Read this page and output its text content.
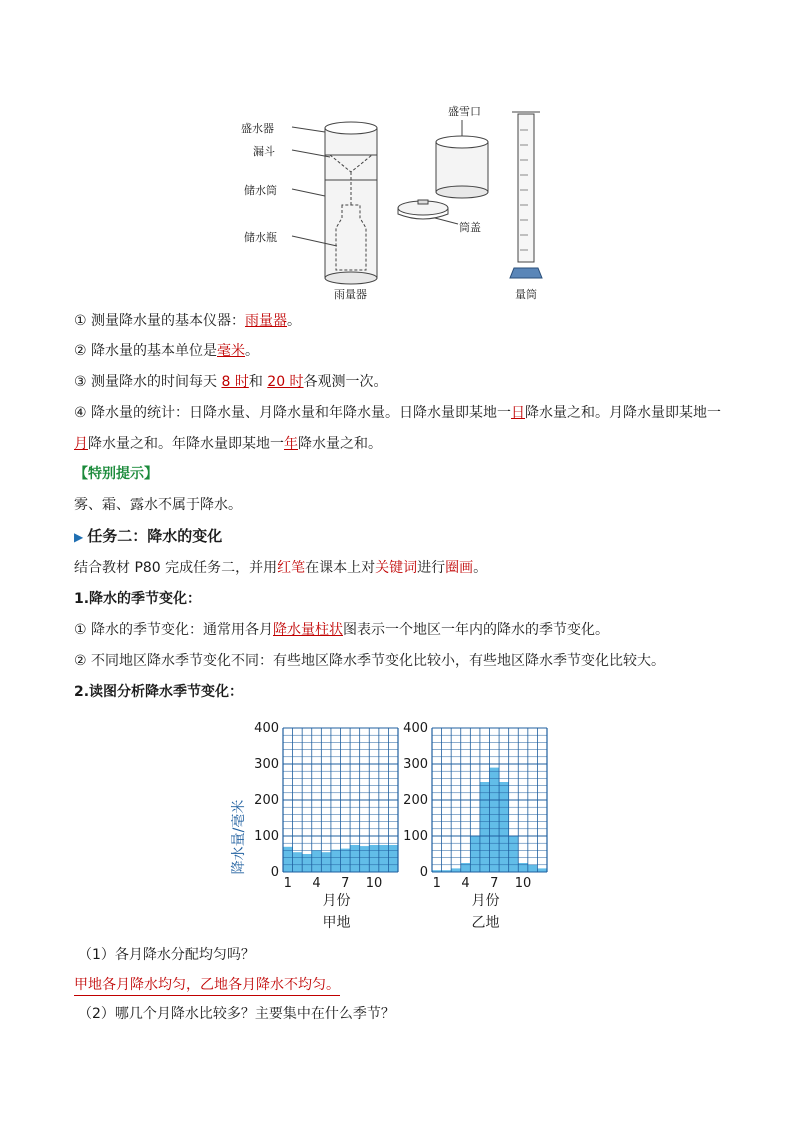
盛水器
漏斗
储水筒
储水瓶
盛雪口
筒盖
雨量器	量筒
① 测量降水量的基本仪器：雨量器。
② 降水量的基本单位是毫米。
③ 测量降水的时间每天 8 时和 20 时各观测一次。
④ 降水量的统计：日降水量、月降水量和年降水量。日降水量即某地一日降水量之和。月降水量即某地一
月降水量之和。年降水量即某地一年降水量之和。
【特别提示】
雾、霜、露水不属于降水。
▶ 任务二：降水的变化
结合教材 P80 完成任务二，并用红笔在课本上对关键词进行圈画。
1.降水的季节变化：
① 降水的季节变化：通常用各月降水量柱状图表示一个地区一年内的降水的季节变化。
② 不同地区降水季节变化不同：有些地区降水季节变化比较小，有些地区降水季节变化比较大。
2.读图分析降水季节变化：
降水量/毫米 0
100
200
300
400
1 4 7 10
月份
甲地
0
100
200
300
400
1 4 7 10
月份
乙地
（1）各月降水分配均匀吗？
甲地各月降水均匀，乙地各月降水不均匀。
（2）哪几个月降水比较多？主要集中在什么季节？
